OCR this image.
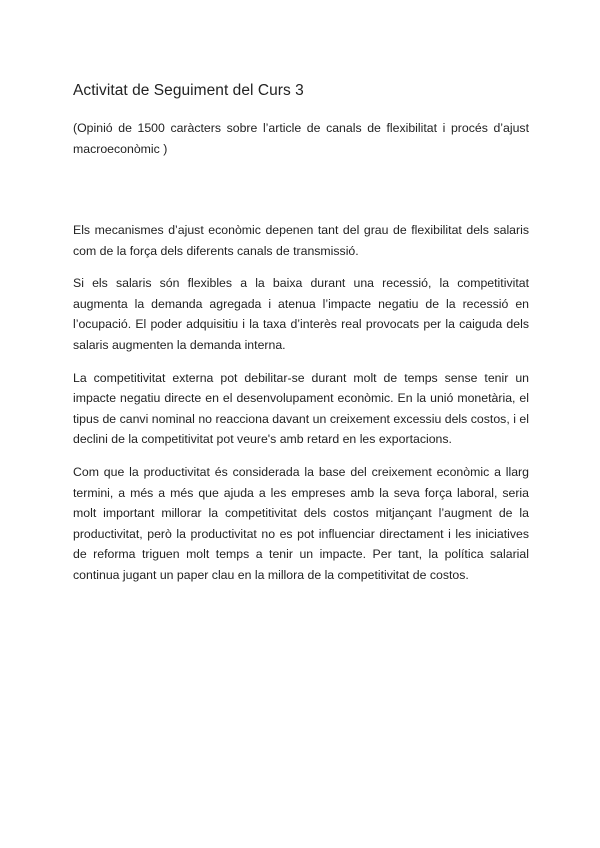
Activitat de Seguiment del Curs 3

(Opinió de 1500 caràcters sobre l’article de canals de flexibilitat i procés d’ajust macroeconòmic )

Els mecanismes d’ajust econòmic depenen tant del grau de flexibilitat dels salaris com de la força dels diferents canals de transmissió.

Si els salaris són flexibles a la baixa durant una recessió, la competitivitat augmenta la demanda agregada i atenua l’impacte negatiu de la recessió en l’ocupació. El poder adquisitiu i la taxa d’interès real provocats per la caiguda dels salaris augmenten la demanda interna.

La competitivitat externa pot debilitar-se durant molt de temps sense tenir un impacte negatiu directe en el desenvolupament econòmic. En la unió monetària, el tipus de canvi nominal no reacciona davant un creixement excessiu dels costos, i el declini de la competitivitat pot veure's amb retard en les exportacions.

Com que la productivitat és considerada la base del creixement econòmic a llarg termini, a més a més que ajuda a les empreses amb la seva força laboral, seria molt important millorar la competitivitat dels costos mitjançant l’augment de la productivitat, però la productivitat no es pot influenciar directament i les iniciatives de reforma triguen molt temps a tenir un impacte. Per tant, la política salarial continua jugant un paper clau en la millora de la competitivitat de costos.
